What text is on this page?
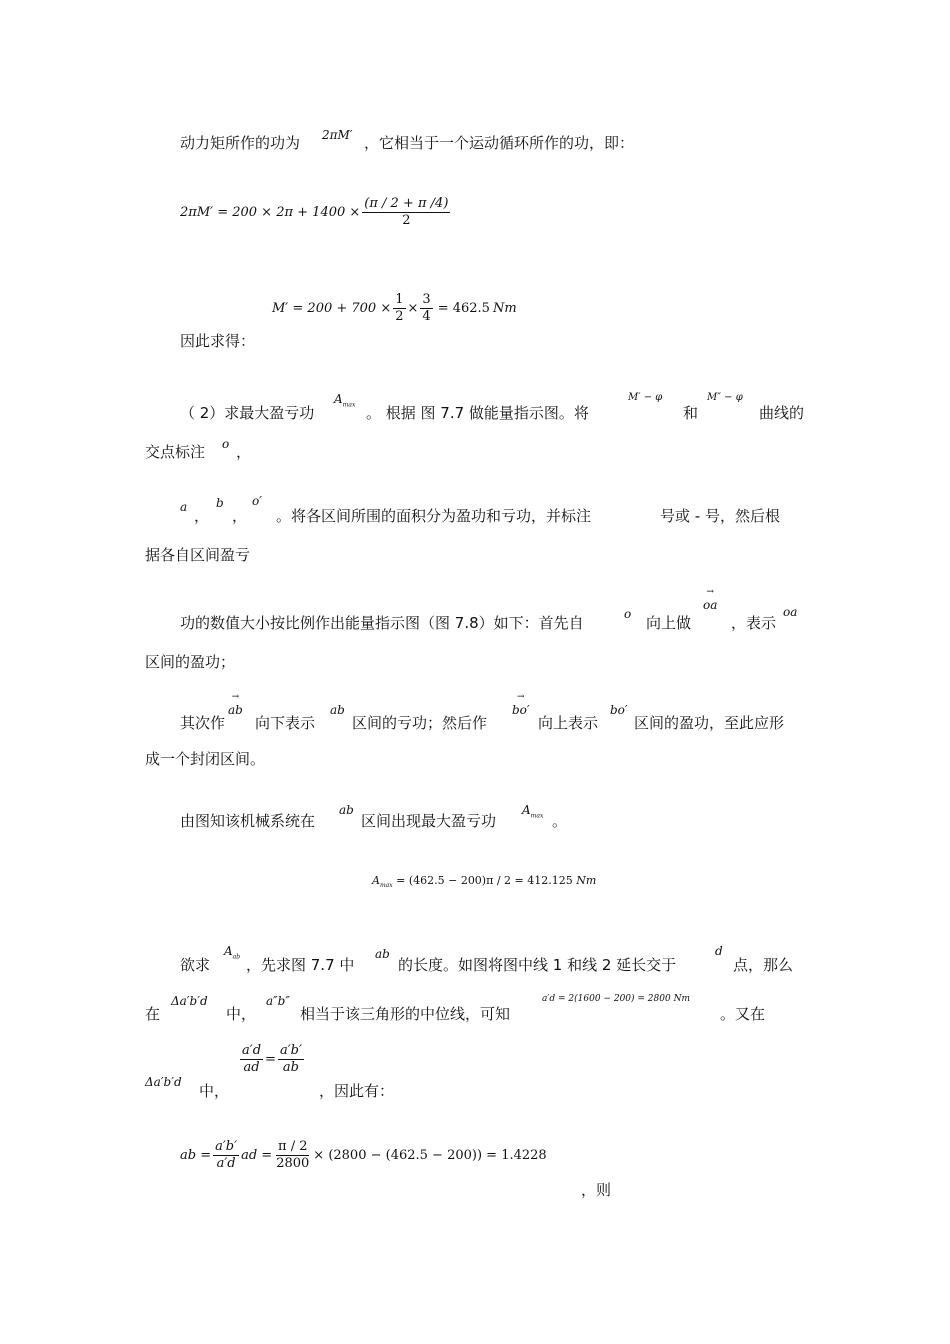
动力矩所作的功为 2πM′ ，它相当于一个运动循环所作的功，即：
$2\pi M' = 200 \times 2\pi + 1400 \times \frac{(\pi / 2 + \pi /4)}{2}$
$M' = 200 + 700 \times \frac{1}{2} \times \frac{3}{4} = 462.5$ Nm
因此求得：
（ 2）求最大盈亏功
$A_{max}$ 。 根据 图 7.7 做能量指示图。将
M′ − φ
和
M″ − φ
曲线的
交点标注 o ，
a ，
b
，
o′
。将各区间所围的面积分为盈功和亏功，并标注	号或 - 号，然后根
据各自区间盈亏
功的数值大小按比例作出能量指示图（图 7.8）如下：首先自	o 向上做
→
oa
，表示
oa
区间的盈功；
其次作
→
ab
向下表示
ab
区间的亏功；然后作
→
bo′
向上表示
bo′
区间的盈功，至此应形
成一个封闭区间。
由图知该机械系统在
ab
区间出现最大盈亏功
$A_{max}$ 。
$A_{max} = (462.5 - 200)\pi / 2 = 412.125$ Nm
欲求
$A_{ab}$ ，先求图 7.7 中
ab
的长度。如图将图中线 1 和线 2 延长交于
d
点，那么
在
Δa′b′d
中，
a″b″
相当于该三角形的中位线，可知
a′d = 2(1600 − 200) = 2800 Nm
。又在
Δa′b′d 中，
$\frac{a'd}{ad} = \frac{a'b'}{ab}$
，因此有：
ab = $\frac{a'b'}{a'd}$ ad = $\frac{\pi / 2}{2800} \times (2800 - (462.5 - 200)) = 1.4228$
，则
